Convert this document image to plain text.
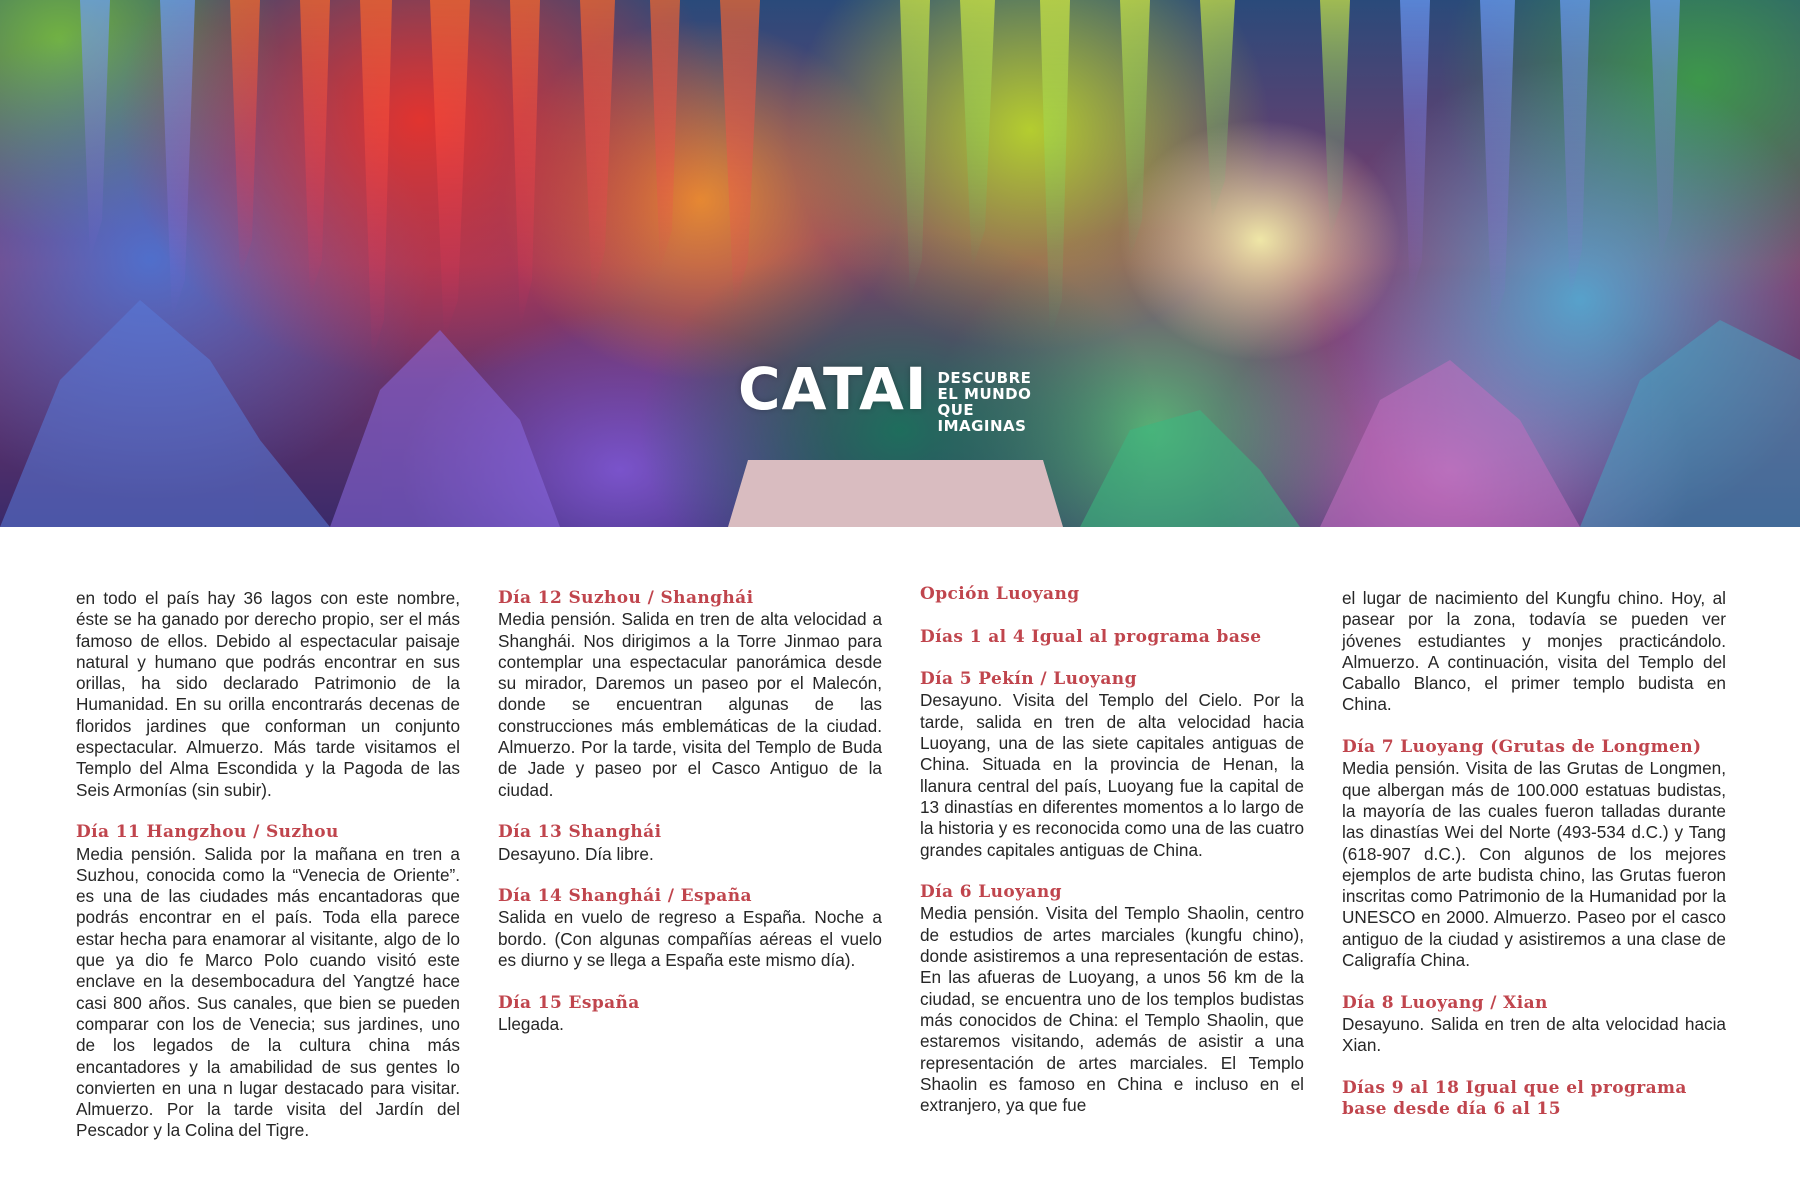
CATAI DESCUBRE EL MUNDO QUE IMAGINAS

en todo el país hay 36 lagos con este nombre, éste se ha ganado por derecho propio, ser el más famoso de ellos. Debido al espectacular paisaje natural y humano que podrás encontrar en sus orillas, ha sido declarado Patrimonio de la Humanidad. En su orilla encontrarás decenas de floridos jardines que conforman un conjunto espectacular. Almuerzo. Más tarde visitamos el Templo del Alma Escondida y la Pagoda de las Seis Armonías (sin subir).

Día 11 Hangzhou / Suzhou

Media pensión. Salida por la mañana en tren a Suzhou, conocida como la “Venecia de Oriente”. es una de las ciudades más encantadoras que podrás encontrar en el país. Toda ella parece estar hecha para enamorar al visitante, algo de lo que ya dio fe Marco Polo cuando visitó este enclave en la desembocadura del Yangtzé hace casi 800 años. Sus canales, que bien se pueden comparar con los de Venecia; sus jardines, uno de los legados de la cultura china más encantadores y la amabilidad de sus gentes lo convierten en una n lugar destacado para visitar. Almuerzo. Por la tarde visita del Jardín del Pescador y la Colina del Tigre.

Día 12 Suzhou / Shanghái

Media pensión. Salida en tren de alta velocidad a Shanghái. Nos dirigimos a la Torre Jinmao para contemplar una espectacular panorámica desde su mirador, Daremos un paseo por el Malecón, donde se encuentran algunas de las construcciones más emblemáticas de la ciudad. Almuerzo. Por la tarde, visita del Templo de Buda de Jade y paseo por el Casco Antiguo de la ciudad.

Día 13 Shanghái

Desayuno. Día libre.

Día 14 Shanghái / España

Salida en vuelo de regreso a España. Noche a bordo. (Con algunas compañías aéreas el vuelo es diurno y se llega a España este mismo día).

Día 15 España

Llegada.

Opción Luoyang
Días 1 al 4 Igual al programa base
Día 5 Pekín / Luoyang

Desayuno. Visita del Templo del Cielo. Por la tarde, salida en tren de alta velocidad hacia Luoyang, una de las siete capitales antiguas de China. Situada en la provincia de Henan, la llanura central del país, Luoyang fue la capital de 13 dinastías en diferentes momentos a lo largo de la historia y es reconocida como una de las cuatro grandes capitales antiguas de China.

Día 6 Luoyang

Media pensión. Visita del Templo Shaolin, centro de estudios de artes marciales (kungfu chino), donde asistiremos a una representación de estas. En las afueras de Luoyang, a unos 56 km de la ciudad, se encuentra uno de los templos budistas más conocidos de China: el Templo Shaolin, que estaremos visitando, además de asistir a una representación de artes marciales. El Templo Shaolin es famoso en China e incluso en el extranjero, ya que fue

el lugar de nacimiento del Kungfu chino. Hoy, al pasear por la zona, todavía se pueden ver jóvenes estudiantes y monjes practicándolo. Almuerzo. A continuación, visita del Templo del Caballo Blanco, el primer templo budista en China.

Día 7 Luoyang (Grutas de Longmen)

Media pensión. Visita de las Grutas de Longmen, que albergan más de 100.000 estatuas budistas, la mayoría de las cuales fueron talladas durante las dinastías Wei del Norte (493-534 d.C.) y Tang (618-907 d.C.). Con algunos de los mejores ejemplos de arte budista chino, las Grutas fueron inscritas como Patrimonio de la Humanidad por la UNESCO en 2000. Almuerzo. Paseo por el casco antiguo de la ciudad y asistiremos a una clase de Caligrafía China.

Día 8 Luoyang / Xian

Desayuno. Salida en tren de alta velocidad hacia Xian.

Días 9 al 18 Igual que el programa base desde día 6 al 15
